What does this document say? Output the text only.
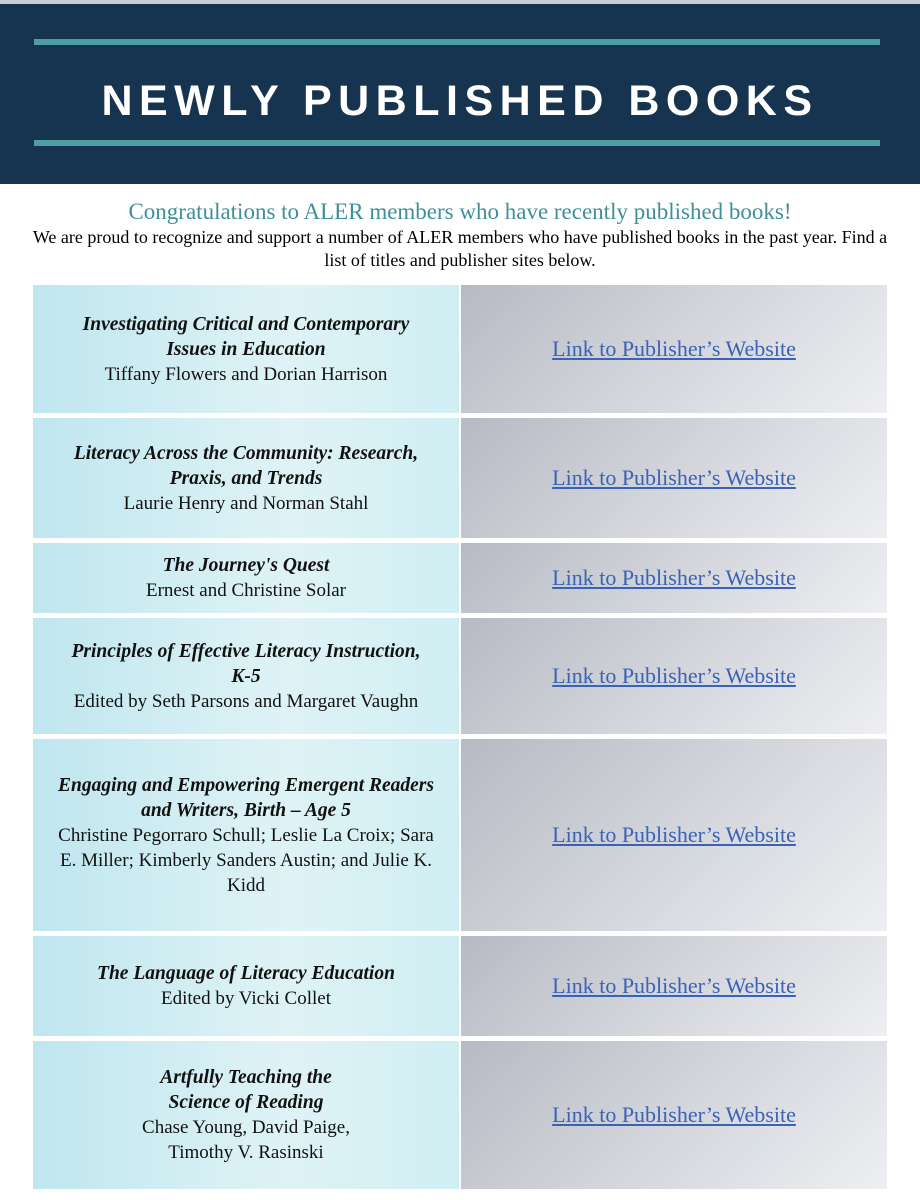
NEWLY PUBLISHED BOOKS
Congratulations to ALER members who have recently published books!
We are proud to recognize and support a number of ALER members who have published books in the past year. Find a list of titles and publisher sites below.
Investigating Critical and Contemporary Issues in Education
Tiffany Flowers and Dorian Harrison
Link to Publisher’s Website
Literacy Across the Community: Research, Praxis, and Trends
Laurie Henry and Norman Stahl
Link to Publisher’s Website
The Journey's Quest
Ernest and Christine Solar
Link to Publisher’s Website
Principles of Effective Literacy Instruction, K-5
Edited by Seth Parsons and Margaret Vaughn
Link to Publisher’s Website
Engaging and Empowering Emergent Readers and Writers, Birth – Age 5
Christine Pegorraro Schull; Leslie La Croix; Sara E. Miller; Kimberly Sanders Austin; and Julie K. Kidd
Link to Publisher’s Website
The Language of Literacy Education
Edited by Vicki Collet
Link to Publisher’s Website
Artfully Teaching the Science of Reading
Chase Young, David Paige, Timothy V. Rasinski
Link to Publisher’s Website
